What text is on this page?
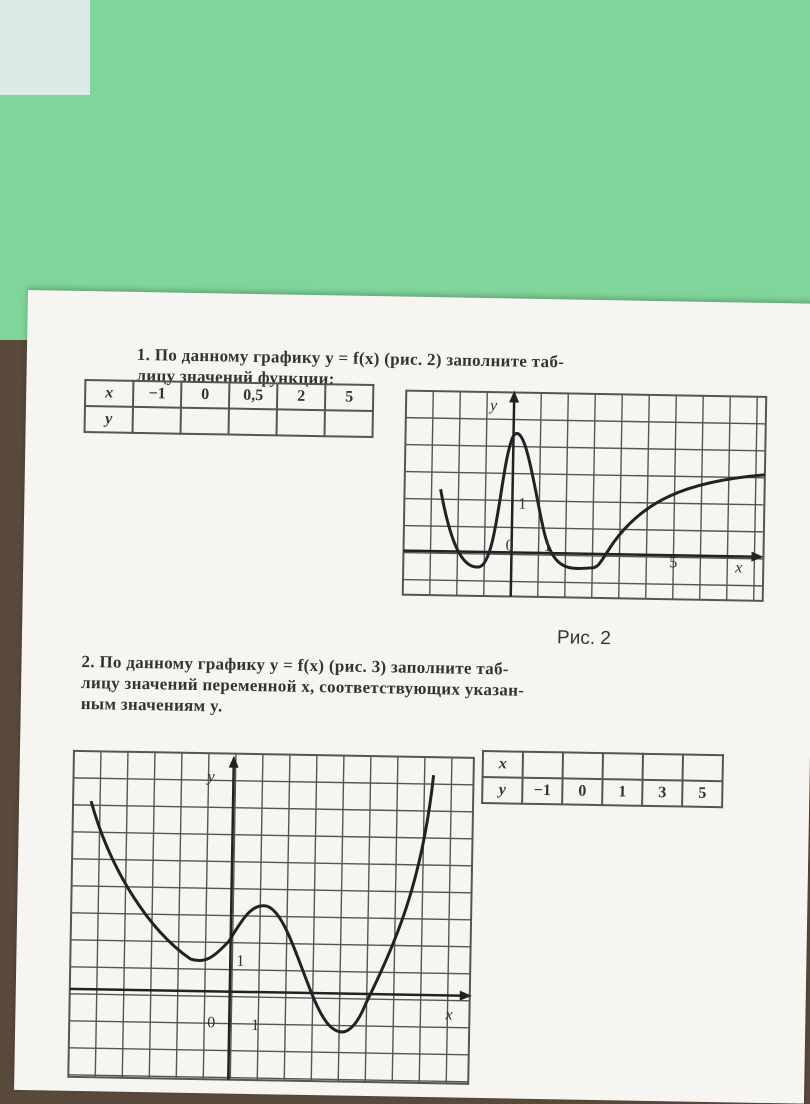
1. По данному графику y = f(x) (рис. 2) заполните таб-
лицу значений функции:
x	−1	0	0,5	2	5
y					
y
x
0 1
5
1
Рис. 2
2. По данному графику y = f(x) (рис. 3) заполните таб-
лицу значений переменной x, соответствующих указан-
ным значениям y.
x					
y	−1	0	1	3	5
y
x
0 1
1
